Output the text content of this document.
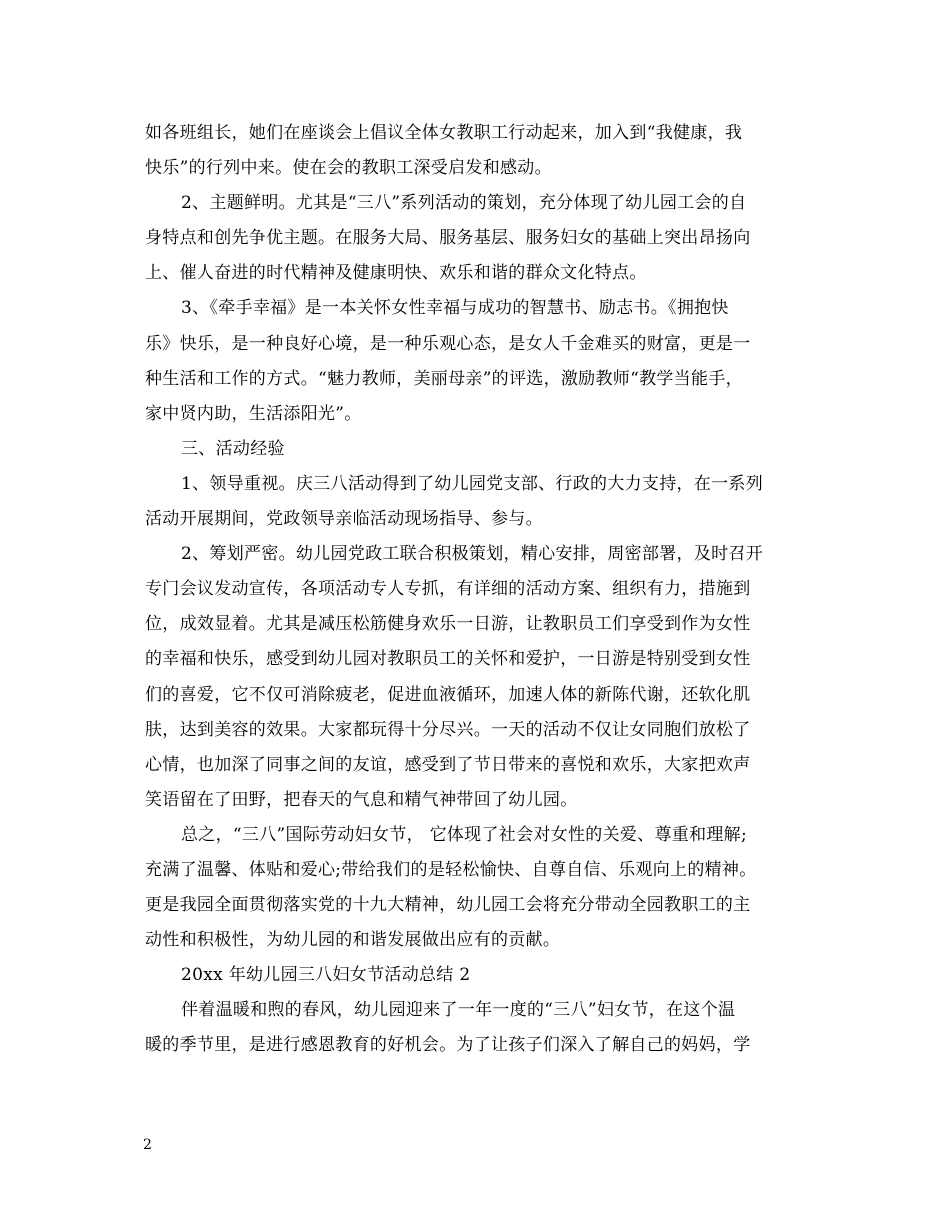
如各班组长，她们在座谈会上倡议全体女教职工行动起来，加入到“我健康，我
快乐”的行列中来。使在会的教职工深受启发和感动。
2、主题鲜明。尤其是“三八”系列活动的策划，充分体现了幼儿园工会的自
身特点和创先争优主题。在服务大局、服务基层、服务妇女的基础上突出昂扬向
上、催人奋进的时代精神及健康明快、欢乐和谐的群众文化特点。
3、《牵手幸福》是一本关怀女性幸福与成功的智慧书、励志书。《拥抱快
乐》快乐，是一种良好心境，是一种乐观心态，是女人千金难买的财富，更是一
种生活和工作的方式。“魅力教师，美丽母亲”的评选，激励教师“教学当能手，
家中贤内助，生活添阳光”。
三、活动经验
1、领导重视。庆三八活动得到了幼儿园党支部、行政的大力支持，在一系列
活动开展期间，党政领导亲临活动现场指导、参与。
2、筹划严密。幼儿园党政工联合积极策划，精心安排，周密部署，及时召开
专门会议发动宣传，各项活动专人专抓，有详细的活动方案、组织有力，措施到
位，成效显着。尤其是减压松筋健身欢乐一日游，让教职员工们享受到作为女性
的幸福和快乐，感受到幼儿园对教职员工的关怀和爱护，一日游是特别受到女性
们的喜爱，它不仅可消除疲老，促进血液循环，加速人体的新陈代谢，还软化肌
肤，达到美容的效果。大家都玩得十分尽兴。一天的活动不仅让女同胞们放松了
心情，也加深了同事之间的友谊，感受到了节日带来的喜悦和欢乐，大家把欢声
笑语留在了田野，把春天的气息和精气神带回了幼儿园。
总之，“三八”国际劳动妇女节， 它体现了社会对女性的关爱、尊重和理解;
充满了温馨、体贴和爱心;带给我们的是轻松愉快、自尊自信、乐观向上的精神。
更是我园全面贯彻落实党的十九大精神，幼儿园工会将充分带动全园教职工的主
动性和积极性，为幼儿园的和谐发展做出应有的贡献。
20xx 年幼儿园三八妇女节活动总结 2
伴着温暖和煦的春风，幼儿园迎来了一年一度的“三八”妇女节，在这个温
暖的季节里，是进行感恩教育的好机会。为了让孩子们深入了解自己的妈妈，学
2
